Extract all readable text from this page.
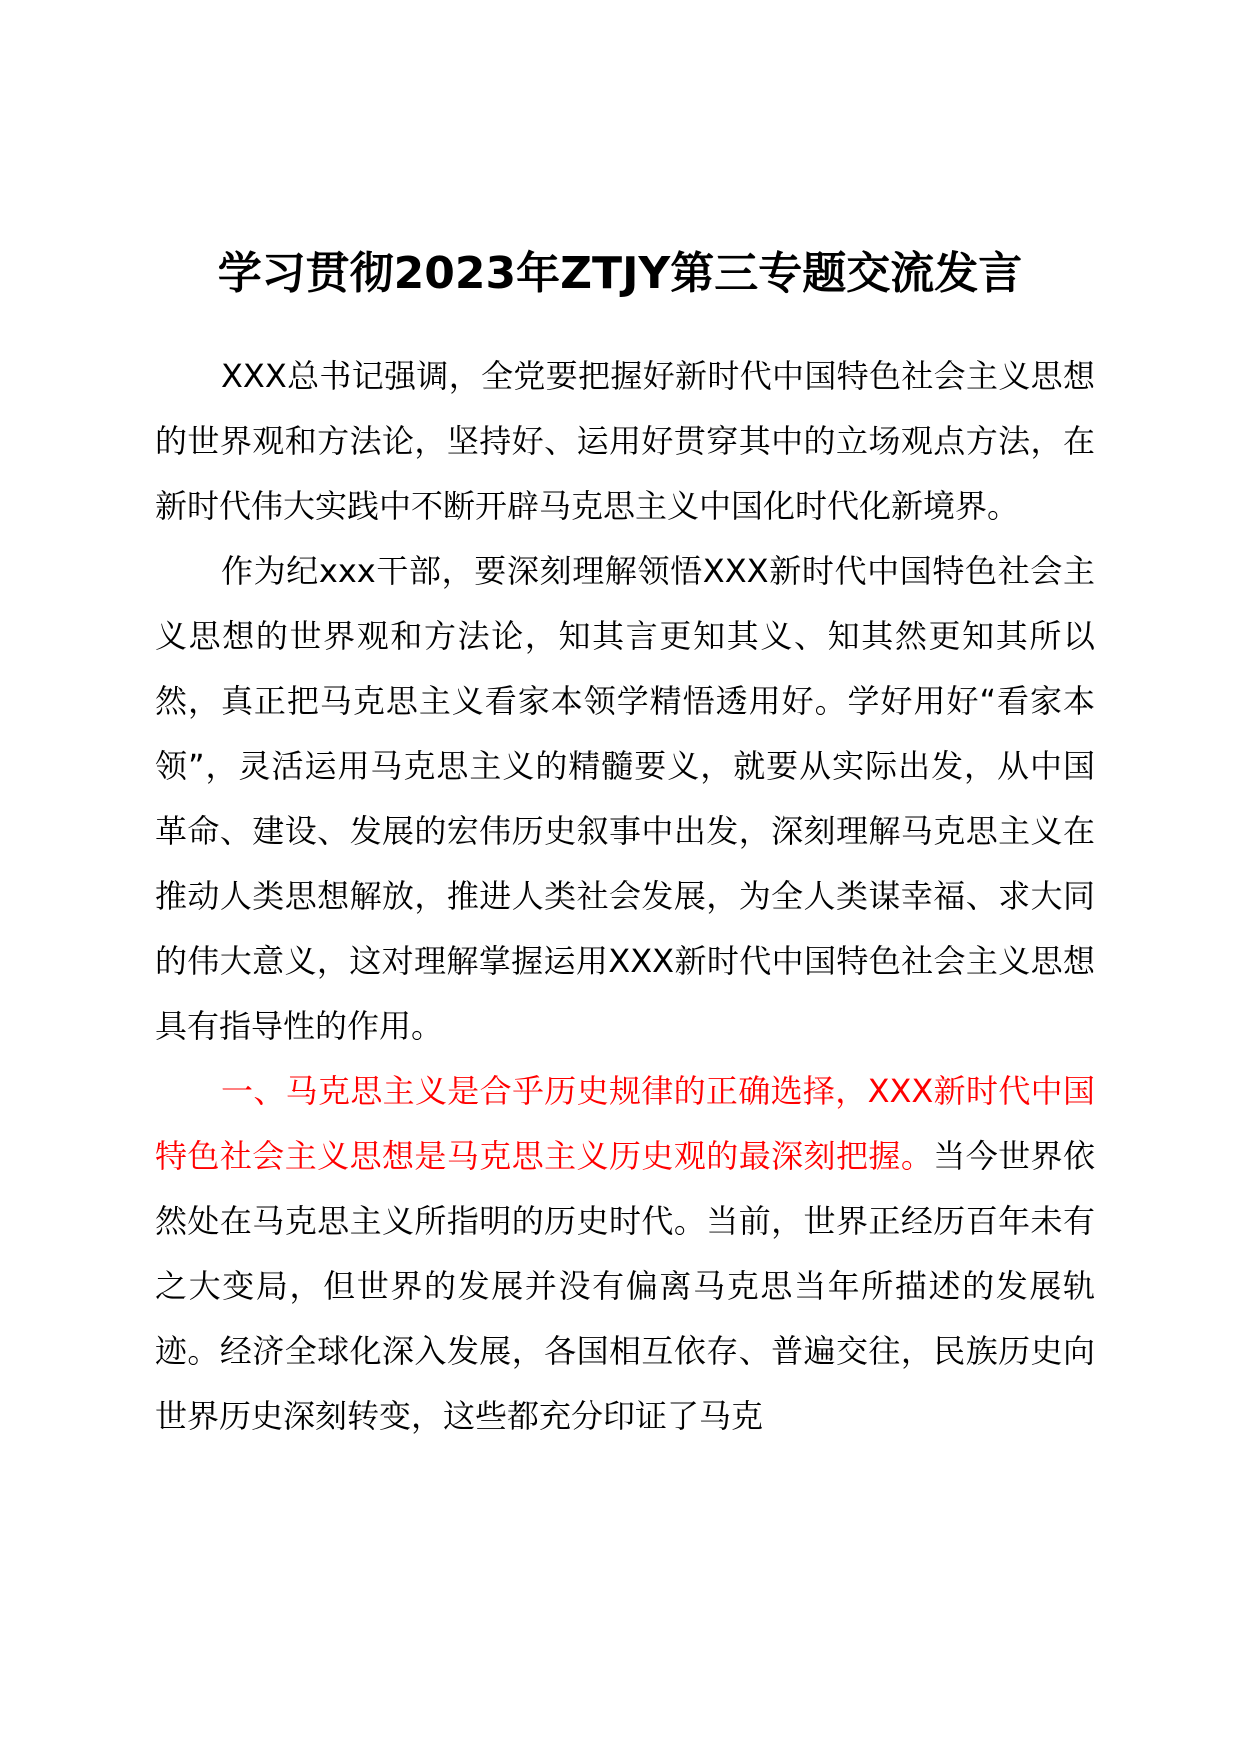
学习贯彻2023年ZTJY第三专题交流发言

XXX总书记强调，全党要把握好新时代中国特色社会主义思想的世界观和方法论，坚持好、运用好贯穿其中的立场观点方法，在新时代伟大实践中不断开辟马克思主义中国化时代化新境界。

作为纪xxx干部，要深刻理解领悟XXX新时代中国特色社会主义思想的世界观和方法论，知其言更知其义、知其然更知其所以然，真正把马克思主义看家本领学精悟透用好。学好用好“看家本领”，灵活运用马克思主义的精髓要义，就要从实际出发，从中国革命、建设、发展的宏伟历史叙事中出发，深刻理解马克思主义在推动人类思想解放，推进人类社会发展，为全人类谋幸福、求大同的伟大意义，这对理解掌握运用XXX新时代中国特色社会主义思想具有指导性的作用。

一、马克思主义是合乎历史规律的正确选择，XXX新时代中国特色社会主义思想是马克思主义历史观的最深刻把握。当今世界依然处在马克思主义所指明的历史时代。当前，世界正经历百年未有之大变局，但世界的发展并没有偏离马克思当年所描述的发展轨迹。经济全球化深入发展，各国相互依存、普遍交往，民族历史向世界历史深刻转变，这些都充分印证了马克
